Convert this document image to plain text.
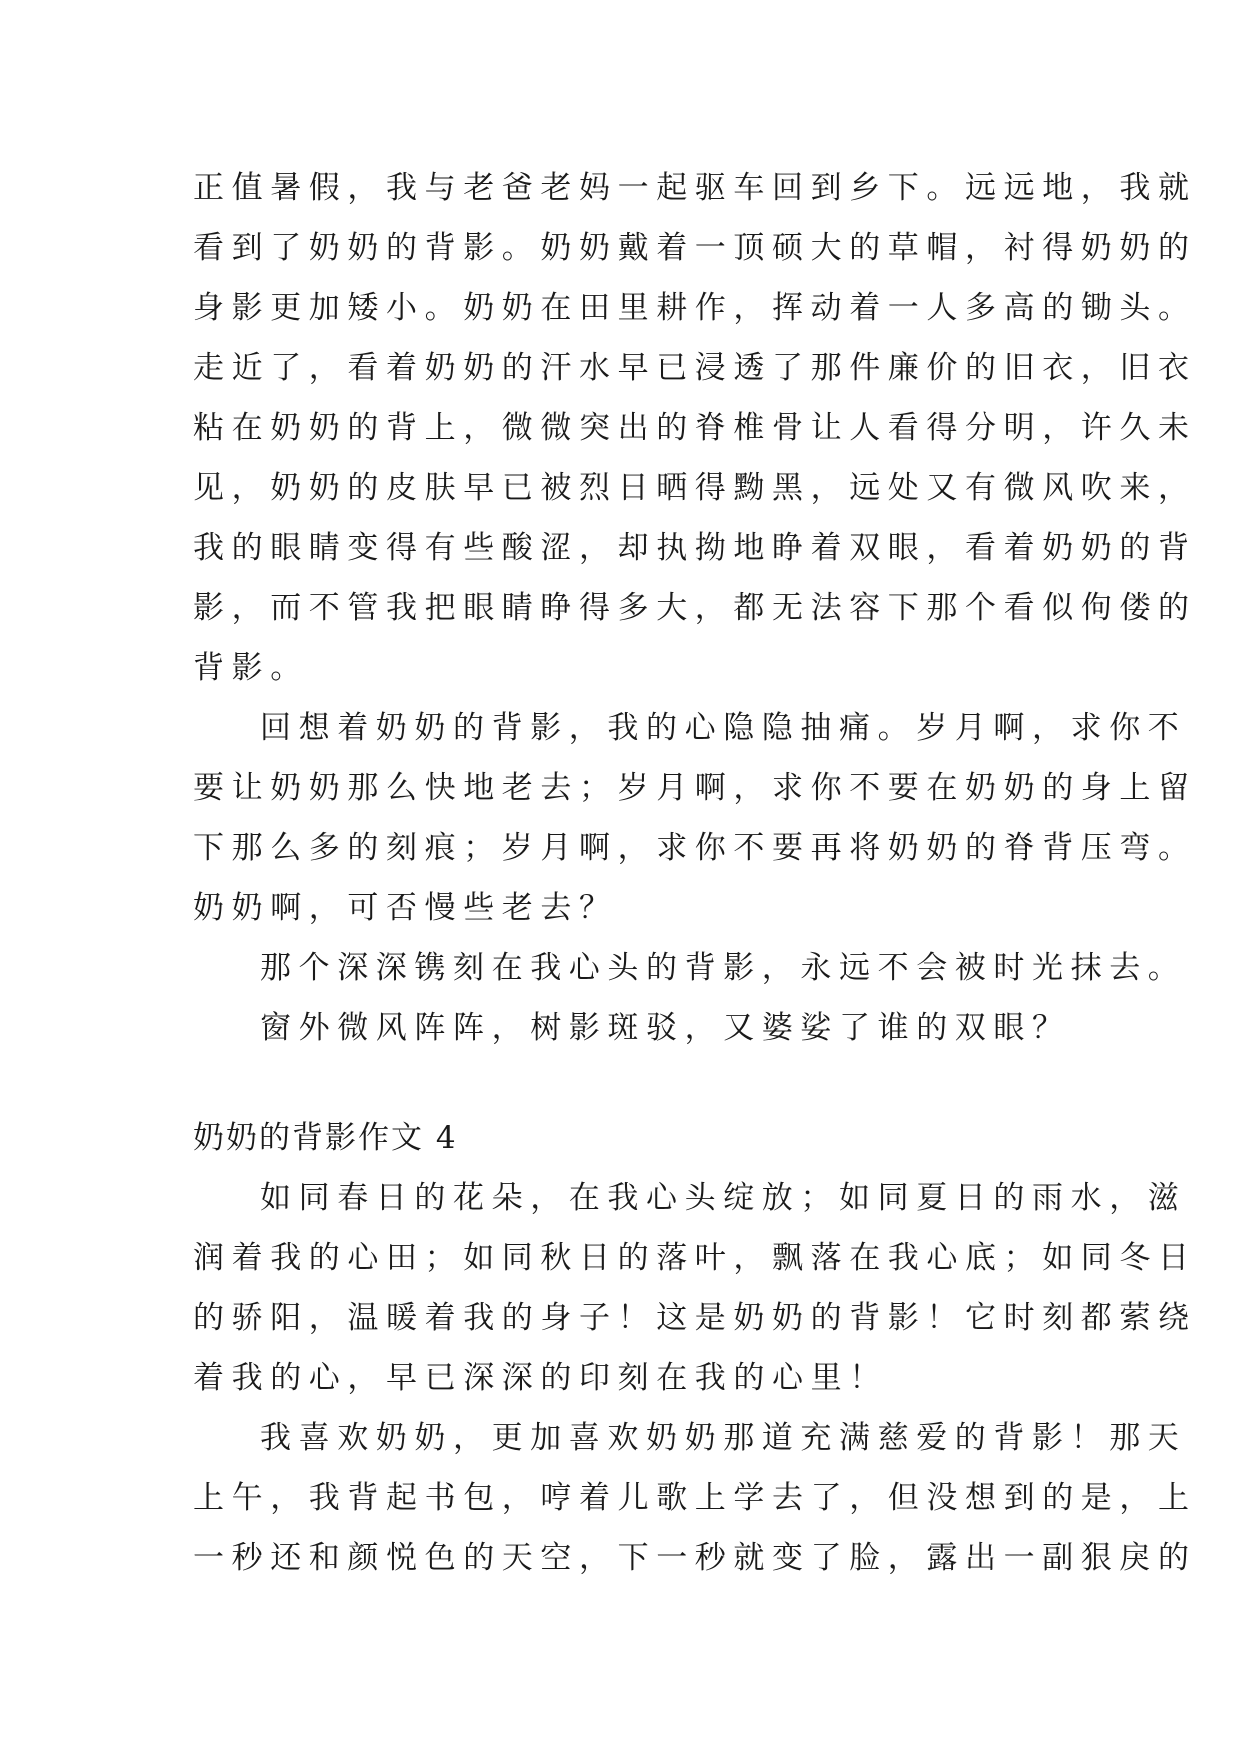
正值暑假，我与老爸老妈一起驱车回到乡下。远远地，我就
看到了奶奶的背影。奶奶戴着一顶硕大的草帽，衬得奶奶的
身影更加矮小。奶奶在田里耕作，挥动着一人多高的锄头。
走近了，看着奶奶的汗水早已浸透了那件廉价的旧衣，旧衣
粘在奶奶的背上，微微突出的脊椎骨让人看得分明，许久未
见，奶奶的皮肤早已被烈日晒得黝黑，远处又有微风吹来，
我的眼睛变得有些酸涩，却执拗地睁着双眼，看着奶奶的背
影，而不管我把眼睛睁得多大，都无法容下那个看似佝偻的
背影。
回想着奶奶的背影，我的心隐隐抽痛。岁月啊，求你不
要让奶奶那么快地老去；岁月啊，求你不要在奶奶的身上留
下那么多的刻痕；岁月啊，求你不要再将奶奶的脊背压弯。
奶奶啊，可否慢些老去？
那个深深镌刻在我心头的背影，永远不会被时光抹去。
窗外微风阵阵，树影斑驳，又婆娑了谁的双眼？
奶奶的背影作文 4
如同春日的花朵，在我心头绽放；如同夏日的雨水，滋
润着我的心田；如同秋日的落叶，飘落在我心底；如同冬日
的骄阳，温暖着我的身子！这是奶奶的背影！它时刻都萦绕
着我的心，早已深深的印刻在我的心里！
我喜欢奶奶，更加喜欢奶奶那道充满慈爱的背影！那天
上午，我背起书包，哼着儿歌上学去了，但没想到的是，上
一秒还和颜悦色的天空，下一秒就变了脸，露出一副狠戾的
